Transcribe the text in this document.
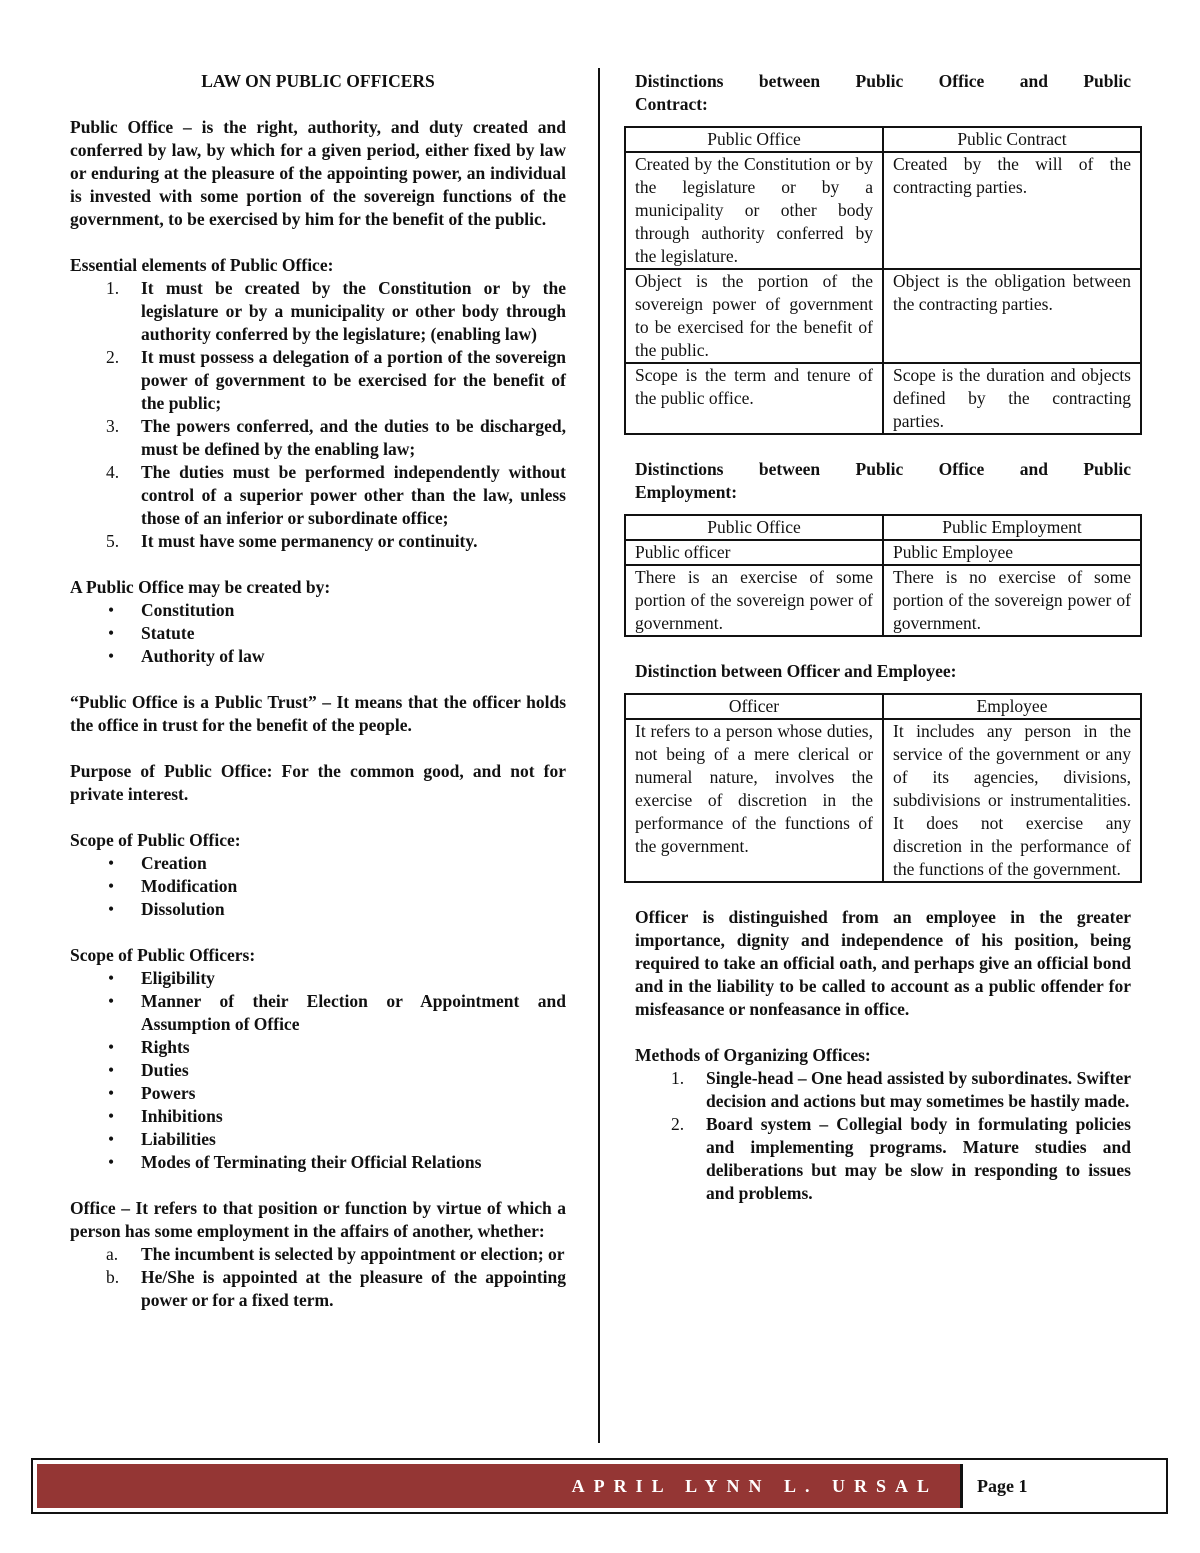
LAW ON PUBLIC OFFICERS

Public Office – is the right, authority, and duty created and conferred by law, by which for a given period, either fixed by law or enduring at the pleasure of the appointing power, an individual is invested with some portion of the sovereign functions of the government, to be exercised by him for the benefit of the public.

Essential elements of Public Office:
1.	It must be created by the Constitution or by the legislature or by a municipality or other body through authority conferred by the legislature; (enabling law)
2.	It must possess a delegation of a portion of the sovereign power of government to be exercised for the benefit of the public;
3.	The powers conferred, and the duties to be discharged, must be defined by the enabling law;
4.	The duties must be performed independently without control of a superior power other than the law, unless those of an inferior or subordinate office;
5.	It must have some permanency or continuity.
A Public Office may be created by:
• Constitution
• Statute
• Authority of law

“Public Office is a Public Trust” – It means that the officer holds the office in trust for the benefit of the people.

Purpose of Public Office: For the common good, and not for private interest.

Scope of Public Office:
• Creation
• Modification
• Dissolution
Scope of Public Officers:
• Eligibility
• Manner of their Election or Appointment and Assumption of Office
• Rights
• Duties
• Powers
• Inhibitions
• Liabilities
• Modes of Terminating their Official Relations

Office – It refers to that position or function by virtue of which a person has some employment in the affairs of another, whether:

a.	The incumbent is selected by appointment or election; or
b.	He/She is appointed at the pleasure of the appointing power or for a fixed term.
Distinctions between Public Office and Public
Contract:
Public Office	Public Contract
Created by the Constitution or by the legislature or by a municipality or other body through authority conferred by the legislature.	Created by the will of the contracting parties.
Object is the portion of the sovereign power of government to be exercised for the benefit of the public.	Object is the obligation between the contracting parties.
Scope is the term and tenure of the public office.	Scope is the duration and objects defined by the contracting parties.
Distinctions between Public Office and Public
Employment:
Public Office	Public Employment
Public officer	Public Employee
There is an exercise of some portion of the sovereign power of government.	There is no exercise of some portion of the sovereign power of government.
Distinction between Officer and Employee:
Officer	Employee
It refers to a person whose duties, not being of a mere clerical or numeral nature, involves the exercise of discretion in the performance of the functions of the government.	It includes any person in the service of the government or any of its agencies, divisions, subdivisions or instrumentalities. It does not exercise any discretion in the performance of the functions of the government.

Officer is distinguished from an employee in the greater importance, dignity and independence of his position, being required to take an official oath, and perhaps give an official bond and in the liability to be called to account as a public offender for misfeasance or nonfeasance in office.

Methods of Organizing Offices:
1.	Single-head – One head assisted by subordinates. Swifter decision and actions but may sometimes be hastily made.
2.	Board system – Collegial body in formulating policies and implementing programs. Mature studies and deliberations but may be slow in responding to issues and problems.
APRIL LYNN L. URSAL	Page 1
